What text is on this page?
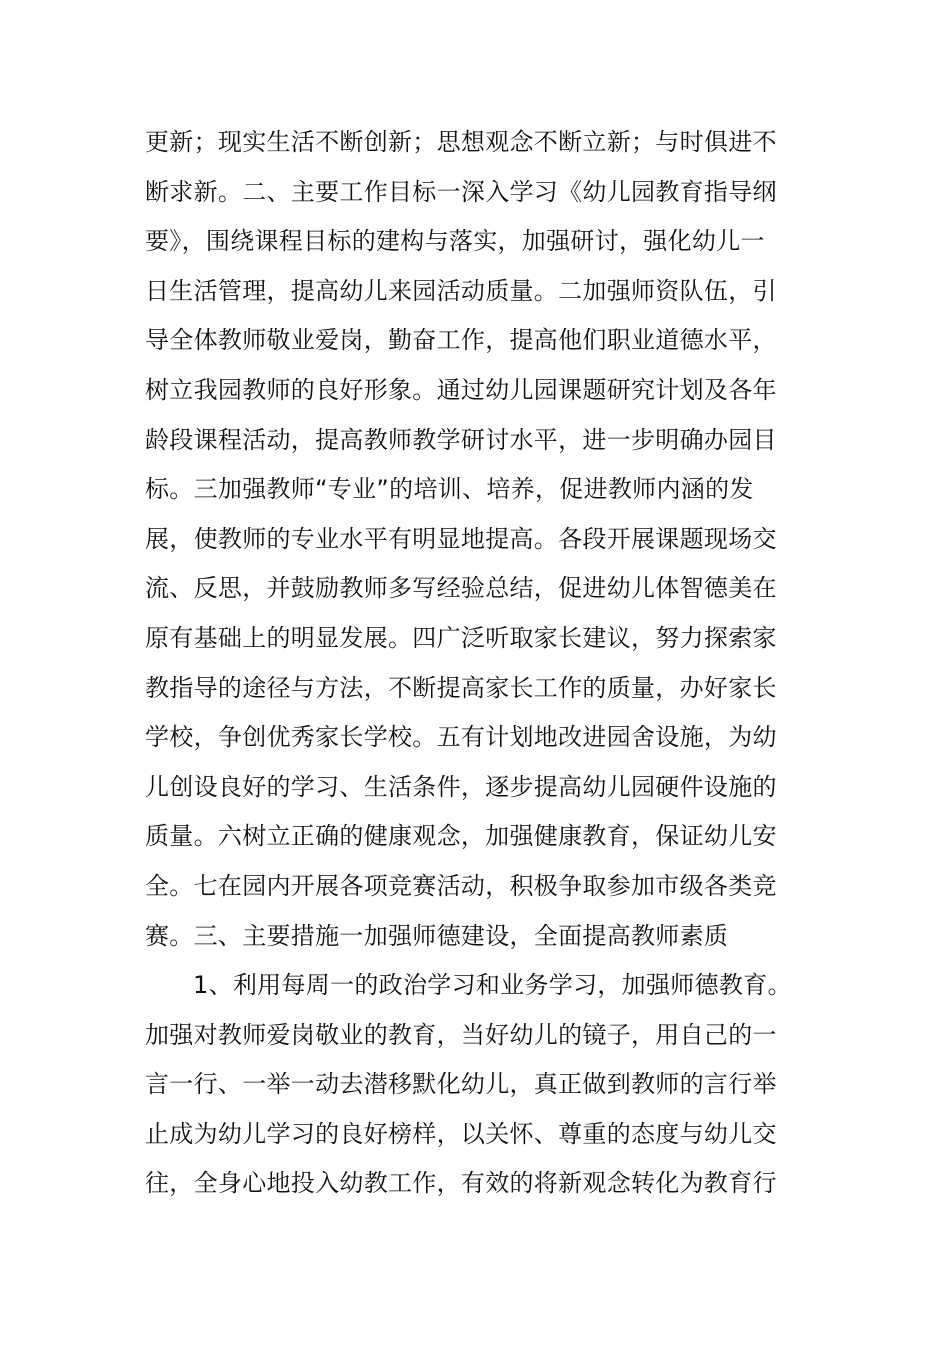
更新；现实生活不断创新；思想观念不断立新；与时俱进不
断求新。二、主要工作目标一深入学习《幼儿园教育指导纲
要》，围绕课程目标的建构与落实，加强研讨，强化幼儿一
日生活管理，提高幼儿来园活动质量。二加强师资队伍，引
导全体教师敬业爱岗，勤奋工作，提高他们职业道德水平，
树立我园教师的良好形象。通过幼儿园课题研究计划及各年
龄段课程活动，提高教师教学研讨水平，进一步明确办园目
标。三加强教师“专业”的培训、培养，促进教师内涵的发
展，使教师的专业水平有明显地提高。各段开展课题现场交
流、反思，并鼓励教师多写经验总结，促进幼儿体智德美在
原有基础上的明显发展。四广泛听取家长建议，努力探索家
教指导的途径与方法，不断提高家长工作的质量，办好家长
学校，争创优秀家长学校。五有计划地改进园舍设施，为幼
儿创设良好的学习、生活条件，逐步提高幼儿园硬件设施的
质量。六树立正确的健康观念，加强健康教育，保证幼儿安
全。七在园内开展各项竞赛活动，积极争取参加市级各类竞
赛。三、主要措施一加强师德建设，全面提高教师素质
1、利用每周一的政治学习和业务学习，加强师德教育。
加强对教师爱岗敬业的教育，当好幼儿的镜子，用自己的一
言一行、一举一动去潜移默化幼儿，真正做到教师的言行举
止成为幼儿学习的良好榜样，以关怀、尊重的态度与幼儿交
往，全身心地投入幼教工作，有效的将新观念转化为教育行
